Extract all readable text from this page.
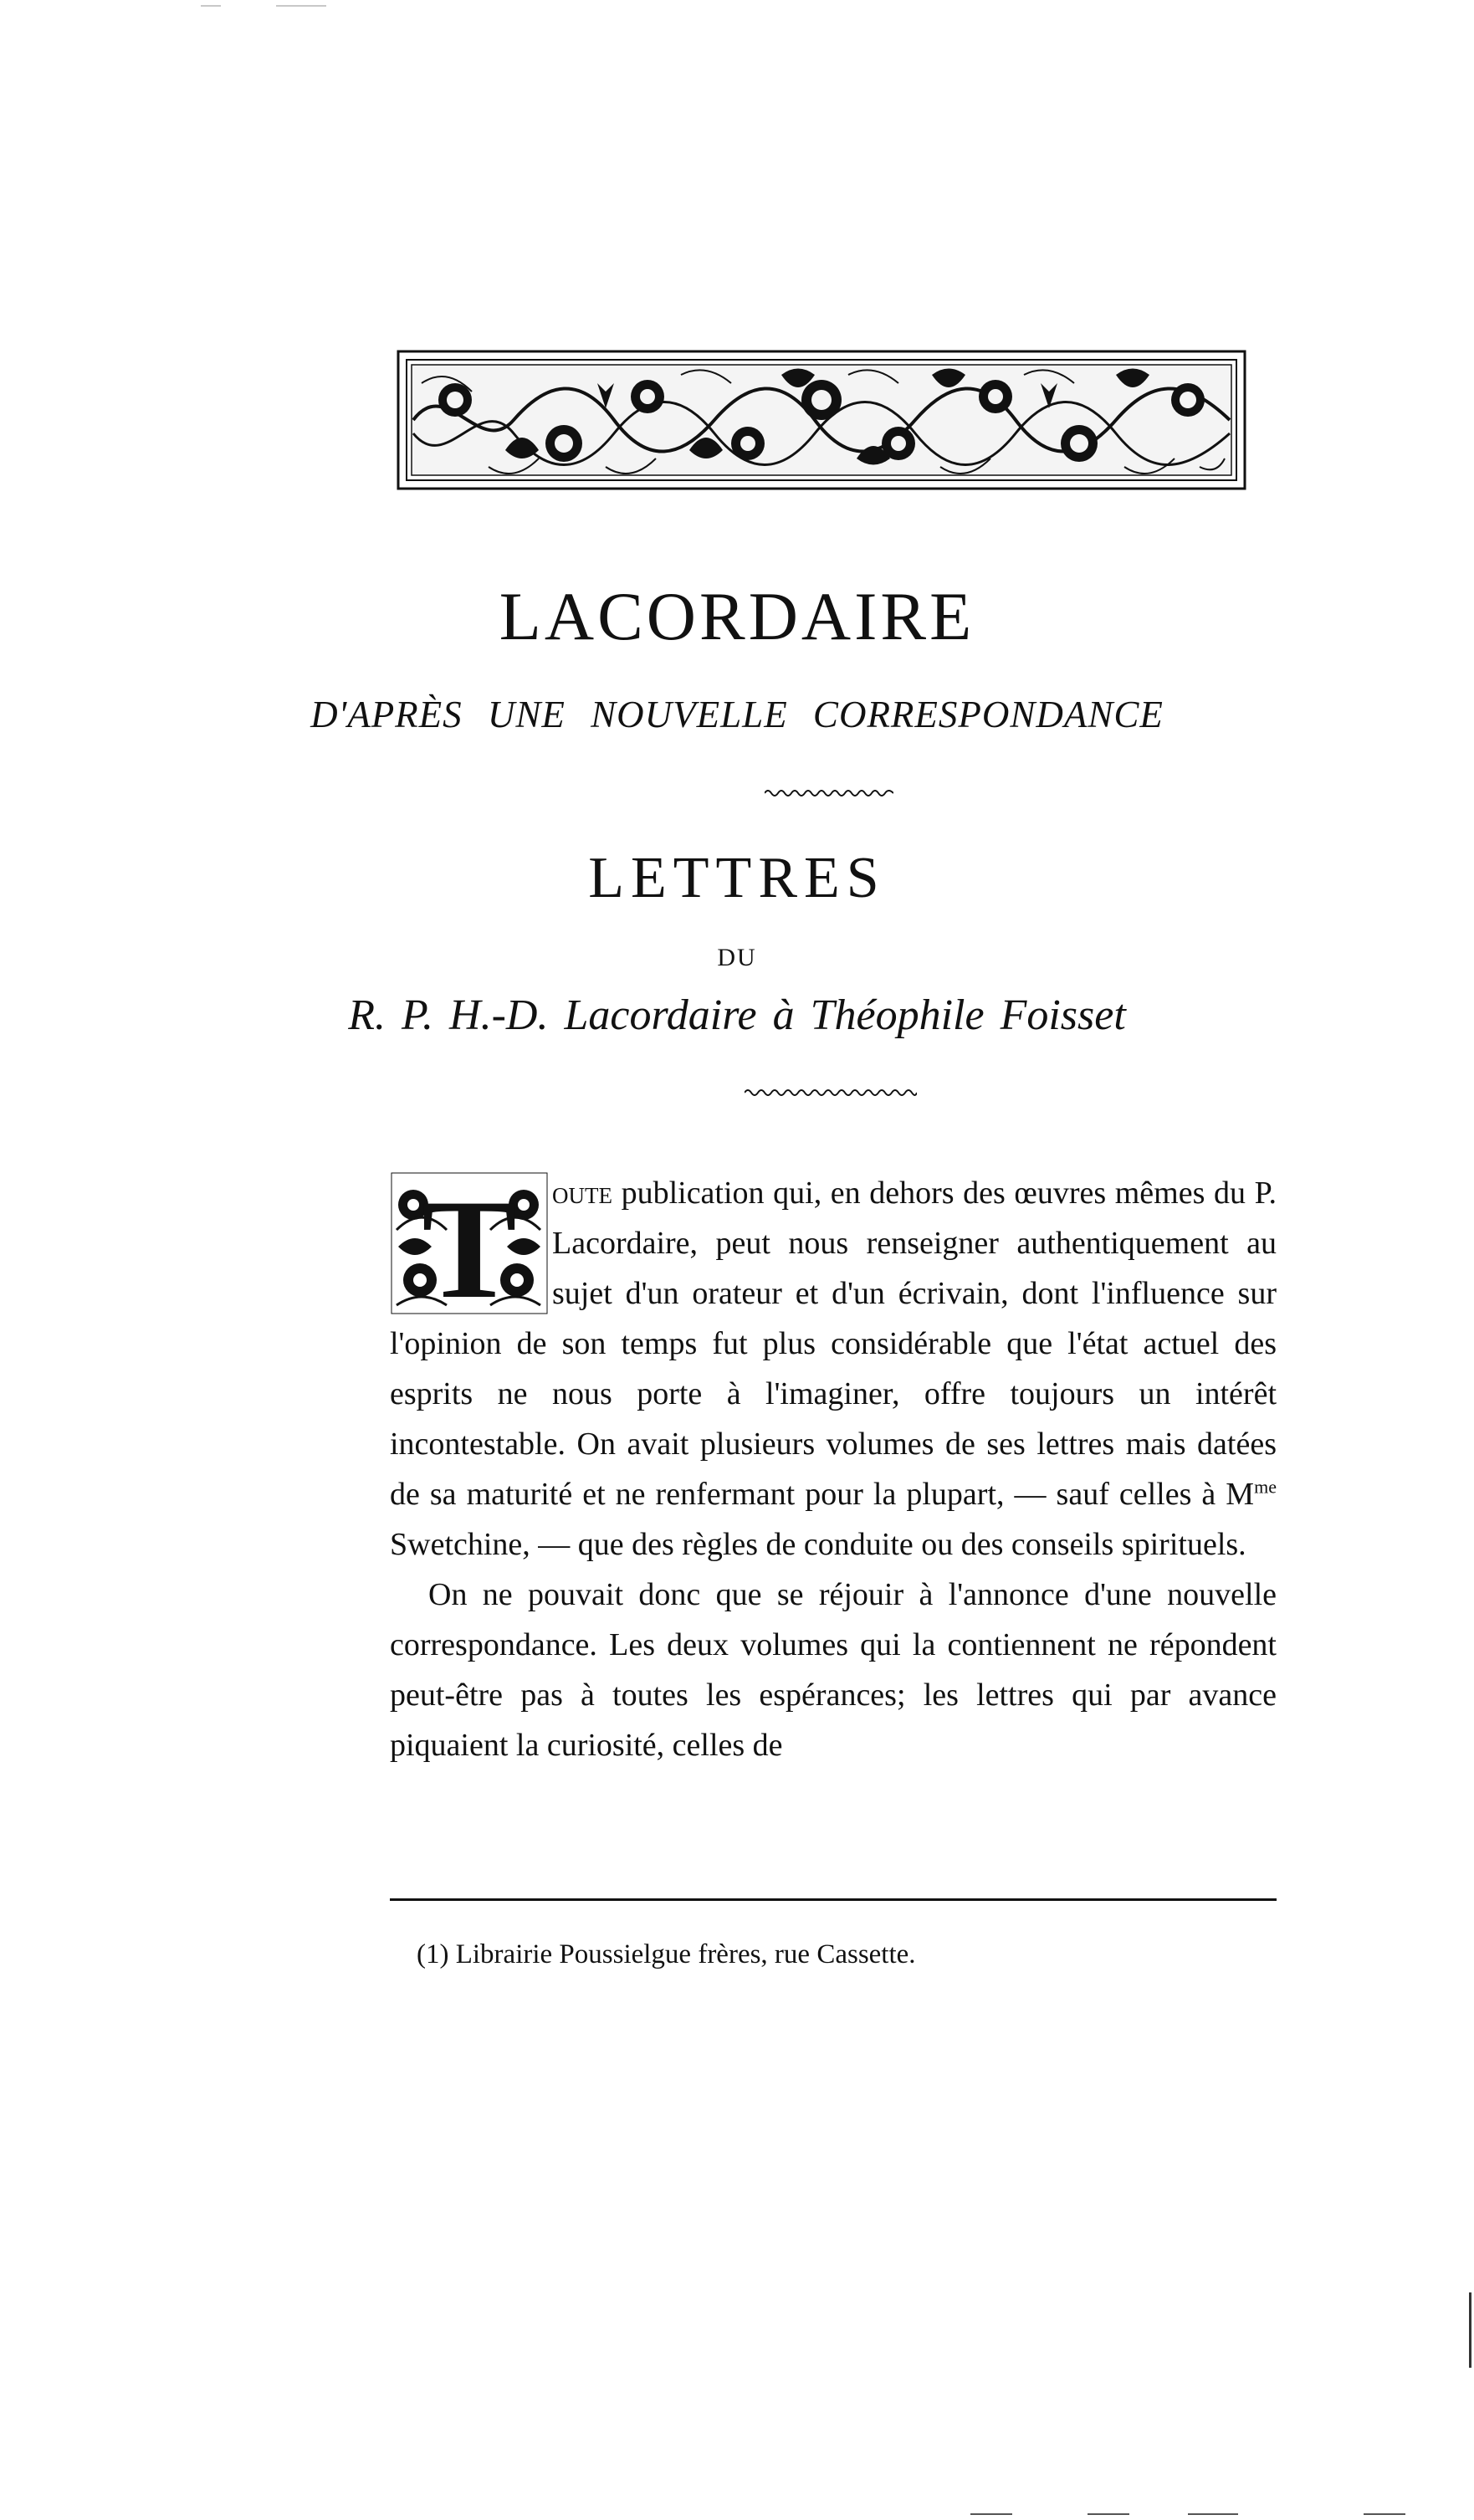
LACORDAIRE
D'APRÈS UNE NOUVELLE CORRESPONDANCE
LETTRES
DU
R. P. H.-D. Lacordaire à Théophile Foisset
T	oute publication qui, en dehors des œuvres mêmes du P. Lacordaire, peut nous renseigner authentiquement au sujet d'un orateur et d'un écrivain, dont l'influence sur l'opinion de son temps fut plus considérable que l'état actuel des esprits ne nous porte à l'imaginer, offre toujours un intérêt incontestable. On avait plusieurs volumes de ses lettres mais datées de sa maturité et ne renfermant pour la plupart, — sauf celles à $M^{me}$ Swetchine, — que des règles de conduite ou des conseils spirituels.

On ne pouvait donc que se réjouir à l'annonce d'une nouvelle correspondance. Les deux volumes qui la contiennent ne répondent peut-être pas à toutes les espérances; les lettres qui par avance piquaient la curiosité, celles de

(1) Librairie Poussielgue frères, rue Cassette.
